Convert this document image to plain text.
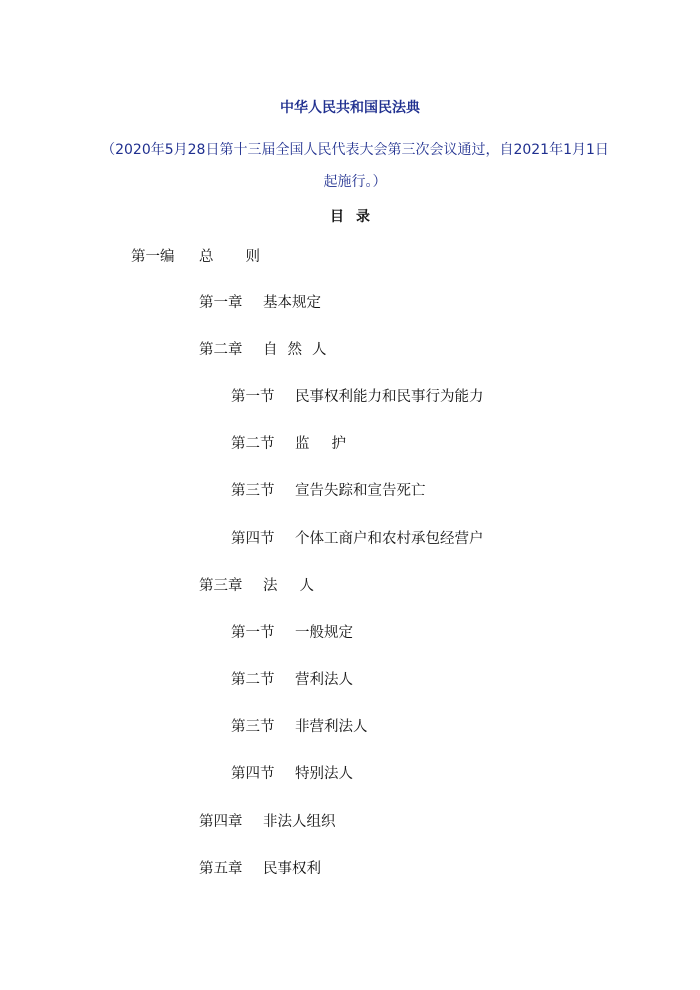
中华人民共和国民法典
（2020年5月28日第十三届全国人民代表大会第三次会议通过，自2021年1月1日起施行。）
目录
第一编 总则
第一章 基本规定
第二章 自然人
第一节 民事权利能力和民事行为能力
第二节 监护
第三节 宣告失踪和宣告死亡
第四节 个体工商户和农村承包经营户
第三章 法人
第一节 一般规定
第二节 营利法人
第三节 非营利法人
第四节 特别法人
第四章 非法人组织
第五章 民事权利
